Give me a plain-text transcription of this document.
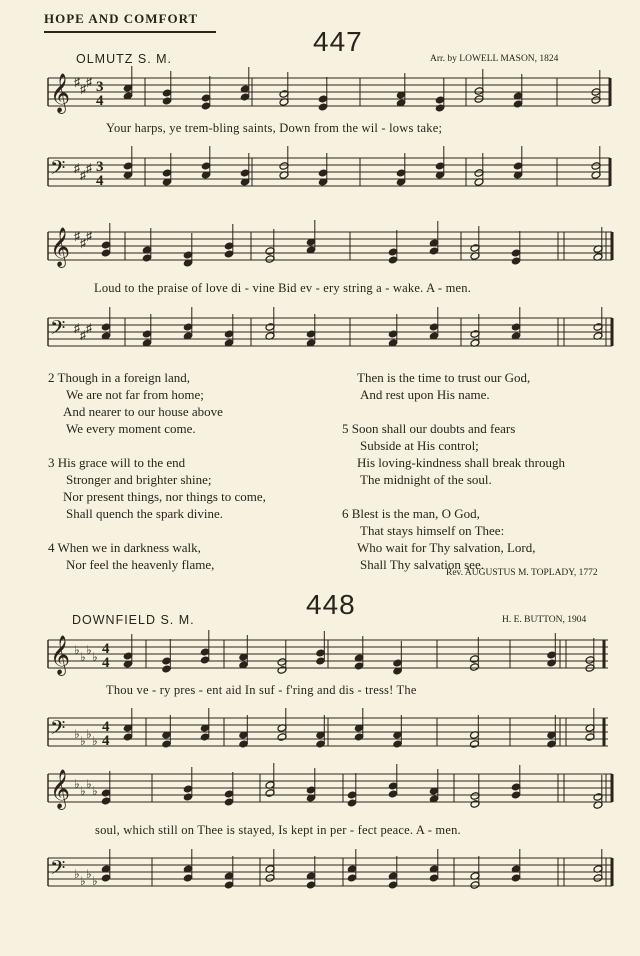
HOPE AND COMFORT
447
OLMUTZ S. M.	Arr. by LOWELL MASON, 1824
𝄞
𝄢
♯
♯
♯
♯
♯
♯
3
4
3
4
𝄞
𝄢
♯
♯
♯
♯
♯
♯
𝄞
𝄢
♭
♭
♭
♭
♭
♭
♭
♭
4
4
4
4
𝄞
𝄢
♭
♭
♭
♭
♭
♭
♭
♭
Your harps, ye trem-bling saints, Down from the wil - lows take;
Loud to the praise of love di - vine Bid ev - ery string a - wake. A - men.
2 Though in a foreign land,
We are not far from home;
And nearer to our house above
We every moment come.
3 His grace will to the end
Stronger and brighter shine;
Nor present things, nor things to come,
Shall quench the spark divine.
4 When we in darkness walk,
Nor feel the heavenly flame,
Then is the time to trust our God,
And rest upon His name.
5 Soon shall our doubts and fears
Subside at His control;
His loving-kindness shall break through
The midnight of the soul.
6 Blest is the man, O God,
That stays himself on Thee:
Who wait for Thy salvation, Lord,
Shall Thy salvation see.
Rev. AUGUSTUS M. TOPLADY, 1772
448
DOWNFIELD S. M.	H. E. BUTTON, 1904
Thou ve - ry pres - ent aid In suf - f'ring and dis - tress! The
soul, which still on Thee is stayed, Is kept in per - fect peace. A - men.
